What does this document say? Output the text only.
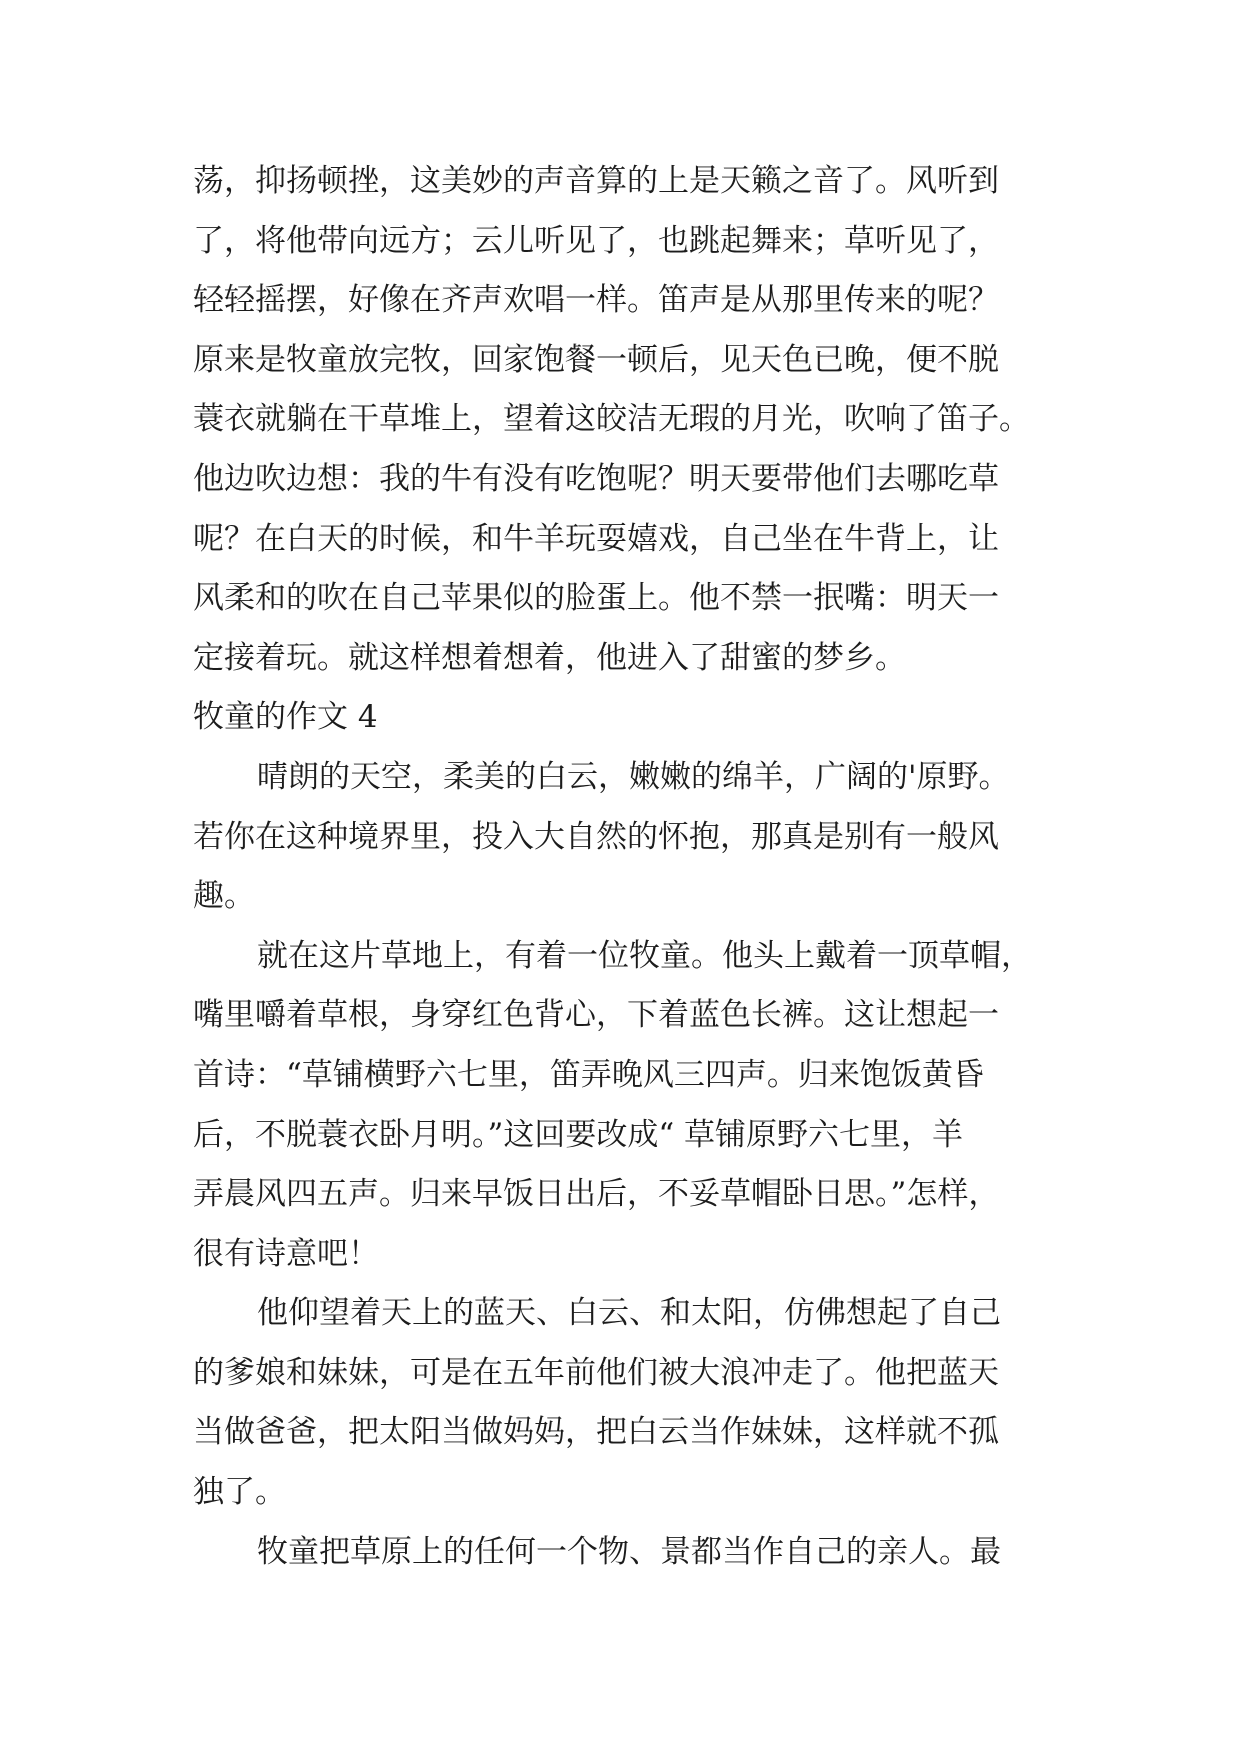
荡，抑扬顿挫，这美妙的声音算的上是天籁之音了。风听到
了，将他带向远方；云儿听见了，也跳起舞来；草听见了，
轻轻摇摆，好像在齐声欢唱一样。笛声是从那里传来的呢？
原来是牧童放完牧，回家饱餐一顿后，见天色已晚，便不脱
蓑衣就躺在干草堆上，望着这皎洁无瑕的月光，吹响了笛子。
他边吹边想：我的牛有没有吃饱呢？明天要带他们去哪吃草
呢？在白天的时候，和牛羊玩耍嬉戏，自己坐在牛背上，让
风柔和的吹在自己苹果似的脸蛋上。他不禁一抿嘴：明天一
定接着玩。就这样想着想着，他进入了甜蜜的梦乡。
牧童的作文 4
晴朗的天空，柔美的白云，嫩嫩的绵羊，广阔的'原野。
若你在这种境界里，投入大自然的怀抱，那真是别有一般风
趣。
就在这片草地上，有着一位牧童。他头上戴着一顶草帽，
嘴里嚼着草根，身穿红色背心，下着蓝色长裤。这让想起一
首诗：“草铺横野六七里，笛弄晚风三四声。归来饱饭黄昏
后，不脱蓑衣卧月明。”这回要改成“ 草铺原野六七里，羊
弄晨风四五声。归来早饭日出后，不妥草帽卧日思。”怎样，
很有诗意吧！
他仰望着天上的蓝天、白云、和太阳，仿佛想起了自己
的爹娘和妹妹，可是在五年前他们被大浪冲走了。他把蓝天
当做爸爸，把太阳当做妈妈，把白云当作妹妹，这样就不孤
独了。
牧童把草原上的任何一个物、景都当作自己的亲人。最
